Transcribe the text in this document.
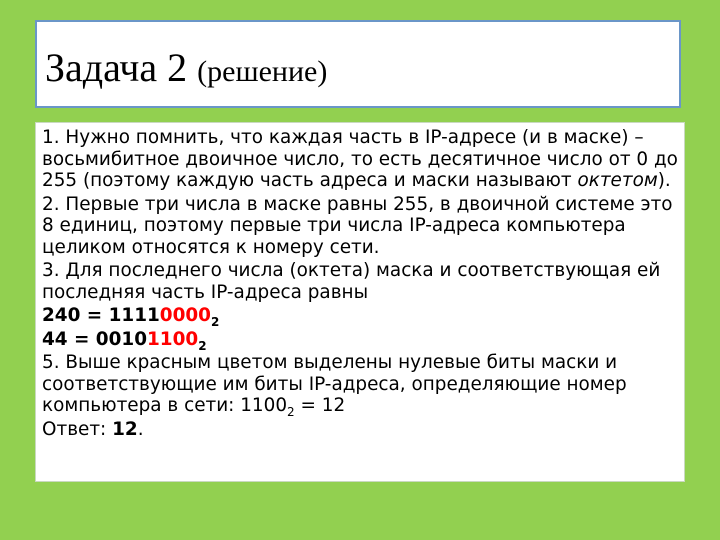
Задача 2 (решение)

1. Нужно помнить, что каждая часть в IP-адресе (и в маске) – восьмибитное двоичное число, то есть десятичное число от 0 до 255 (поэтому каждую часть адреса и маски называют октетом).

2. Первые три числа в маске равны 255, в двоичной системе это 8 единиц, поэтому первые три числа IP-адреса компьютера целиком относятся к номеру сети.

3. Для последнего числа (октета) маска и соответствующая ей последняя часть IP-адреса равны

$240 = 11110000_2$

$44 = 00101100_2$

5. Выше красным цветом выделены нулевые биты маски и соответствующие им биты IP-адреса, определяющие номер компьютера в сети: $1100_2 = 12$

Ответ: 12.
